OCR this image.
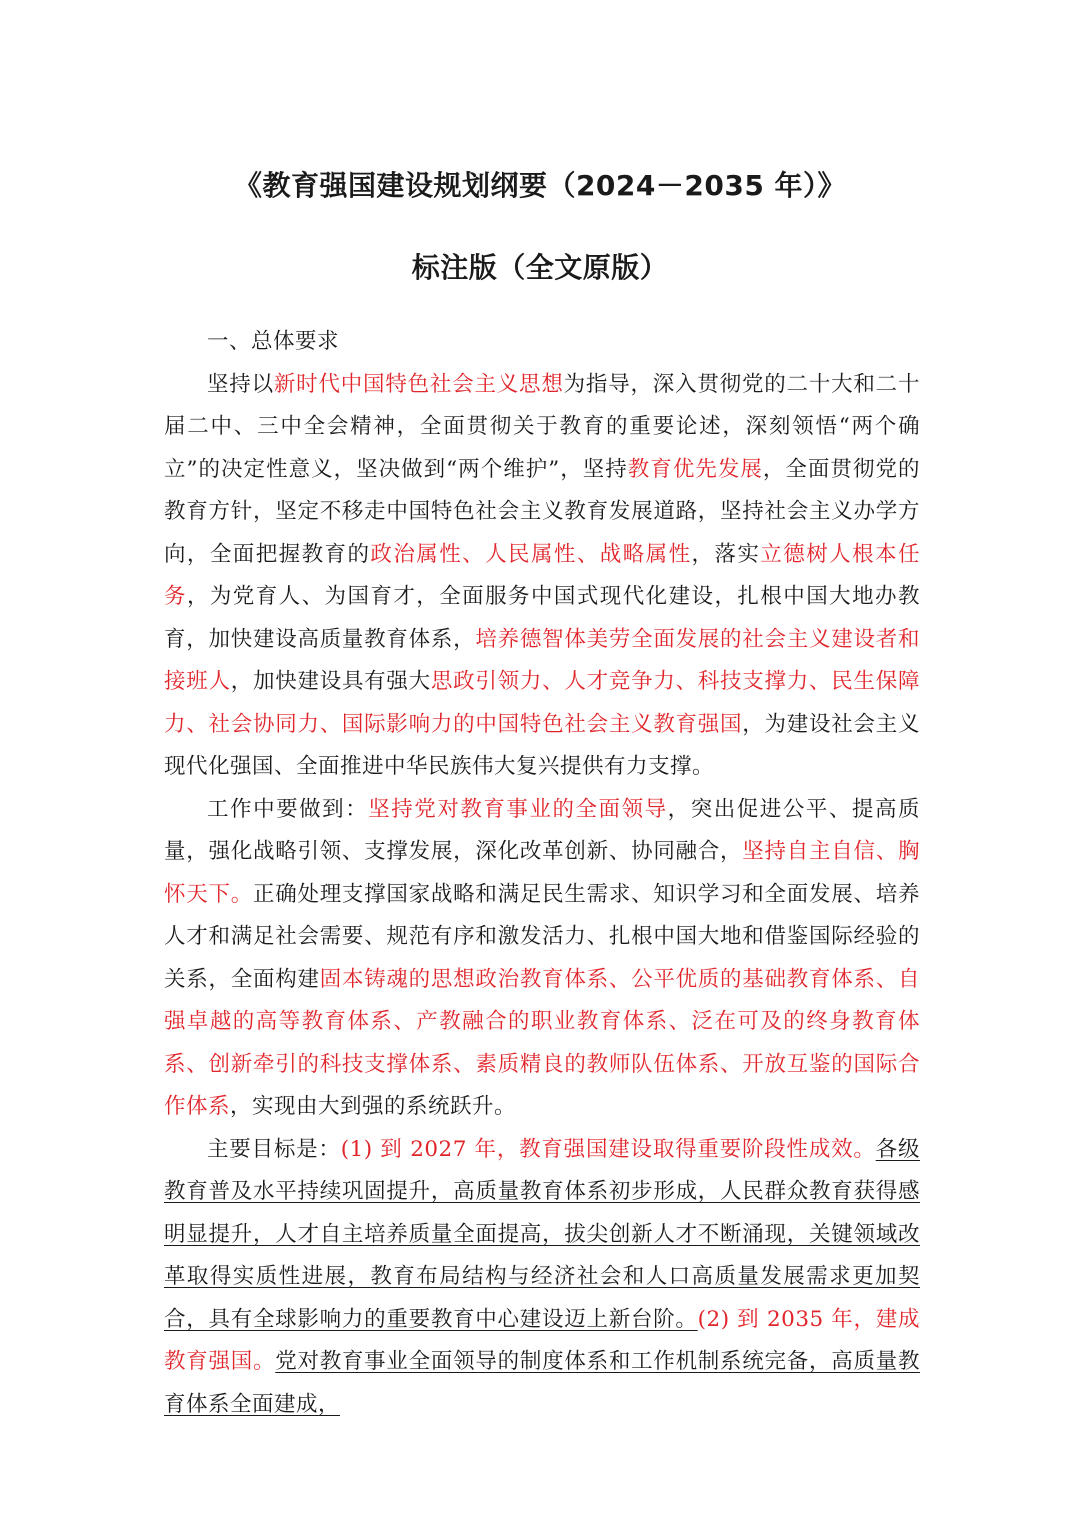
《教育强国建设规划纲要（2024－2035 年）》
标注版（全文原版）

一、总体要求

坚持以新时代中国特色社会主义思想为指导，深入贯彻党的二十大和二十届二中、三中全会精神，全面贯彻关于教育的重要论述，深刻领悟“两个确立”的决定性意义，坚决做到“两个维护”，坚持教育优先发展，全面贯彻党的教育方针，坚定不移走中国特色社会主义教育发展道路，坚持社会主义办学方向，全面把握教育的政治属性、人民属性、战略属性，落实立德树人根本任务，为党育人、为国育才，全面服务中国式现代化建设，扎根中国大地办教育，加快建设高质量教育体系，培养德智体美劳全面发展的社会主义建设者和接班人，加快建设具有强大思政引领力、人才竞争力、科技支撑力、民生保障力、社会协同力、国际影响力的中国特色社会主义教育强国，为建设社会主义现代化强国、全面推进中华民族伟大复兴提供有力支撑。

工作中要做到：坚持党对教育事业的全面领导，突出促进公平、提高质量，强化战略引领、支撑发展，深化改革创新、协同融合，坚持自主自信、胸怀天下。正确处理支撑国家战略和满足民生需求、知识学习和全面发展、培养人才和满足社会需要、规范有序和激发活力、扎根中国大地和借鉴国际经验的关系，全面构建固本铸魂的思想政治教育体系、公平优质的基础教育体系、自强卓越的高等教育体系、产教融合的职业教育体系、泛在可及的终身教育体系、创新牵引的科技支撑体系、素质精良的教师队伍体系、开放互鉴的国际合作体系，实现由大到强的系统跃升。

主要目标是：(1) 到 2027 年，教育强国建设取得重要阶段性成效。各级教育普及水平持续巩固提升，高质量教育体系初步形成，人民群众教育获得感明显提升，人才自主培养质量全面提高，拔尖创新人才不断涌现，关键领域改革取得实质性进展，教育布局结构与经济社会和人口高质量发展需求更加契合，具有全球影响力的重要教育中心建设迈上新台阶。(2) 到 2035 年，建成教育强国。党对教育事业全面领导的制度体系和工作机制系统完备，高质量教育体系全面建成，
